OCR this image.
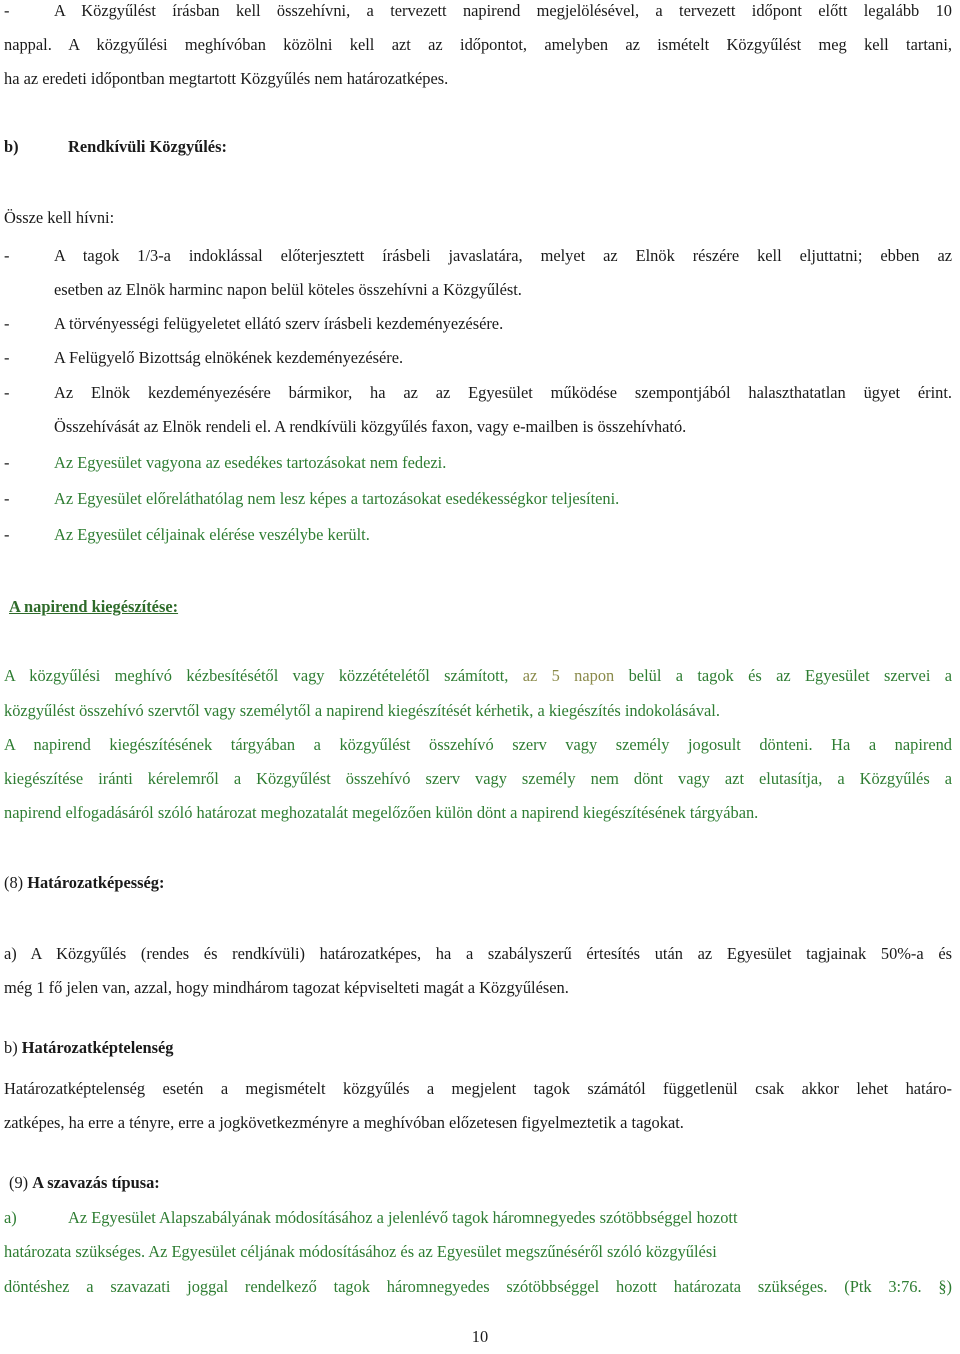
-	A Közgyűlést írásban kell összehívni, a tervezett napirend megjelölésével, a tervezett időpont előtt legalább 10
nappal. A közgyűlési meghívóban közölni kell azt az időpontot, amelyben az ismételt Közgyűlést meg kell tartani,
ha az eredeti időpontban megtartott Közgyűlés nem határozatképes.
b)	Rendkívüli Közgyűlés:
Össze kell hívni:
-	A tagok 1/3-a indoklással előterjesztett írásbeli javaslatára, melyet az Elnök részére kell eljuttatni; ebben az
esetben az Elnök harminc napon belül köteles összehívni a Közgyűlést.
-	A törvényességi felügyeletet ellátó szerv írásbeli kezdeményezésére.
-	A Felügyelő Bizottság elnökének kezdeményezésére.
-	Az Elnök kezdeményezésére bármikor, ha az az Egyesület működése szempontjából halaszthatatlan ügyet érint.
Összehívását az Elnök rendeli el. A rendkívüli közgyűlés faxon, vagy e-mailben is összehívható.
-	Az Egyesület vagyona az esedékes tartozásokat nem fedezi.
-	Az Egyesület előreláthatólag nem lesz képes a tartozásokat esedékességkor teljesíteni.
-	Az Egyesület céljainak elérése veszélybe került.
A napirend kiegészítése:
A közgyűlési meghívó kézbesítésétől vagy közzétételétől számított, az 5 napon belül a tagok és az Egyesület szervei a
közgyűlést összehívó szervtől vagy személytől a napirend kiegészítését kérhetik, a kiegészítés indokolásával.
A napirend kiegészítésének tárgyában a közgyűlést összehívó szerv vagy személy jogosult dönteni. Ha a napirend
kiegészítése iránti kérelemről a Közgyűlést összehívó szerv vagy személy nem dönt vagy azt elutasítja, a Közgyűlés a
napirend elfogadásáról szóló határozat meghozatalát megelőzően külön dönt a napirend kiegészítésének tárgyában.
(8) Határozatképesség:
a) A Közgyűlés (rendes és rendkívüli) határozatképes, ha a szabályszerű értesítés után az Egyesület tagjainak 50%-a és
még 1 fő jelen van, azzal, hogy mindhárom tagozat képviselteti magát a Közgyűlésen.
b) Határozatképtelenség
Határozatképtelenség esetén a megismételt közgyűlés a megjelent tagok számától függetlenül csak akkor lehet határo-
zatképes, ha erre a tényre, erre a jogkövetkezményre a meghívóban előzetesen figyelmeztetik a tagokat.
(9) A szavazás típusa:
a)	Az Egyesület Alapszabályának módosításához a jelenlévő tagok háromnegyedes szótöbbséggel hozott
határozata szükséges. Az Egyesület céljának módosításához és az Egyesület megszűnéséről szóló közgyűlési
döntéshez a szavazati joggal rendelkező tagok háromnegyedes szótöbbséggel hozott határozata szükséges. (Ptk 3:76. §)
10
